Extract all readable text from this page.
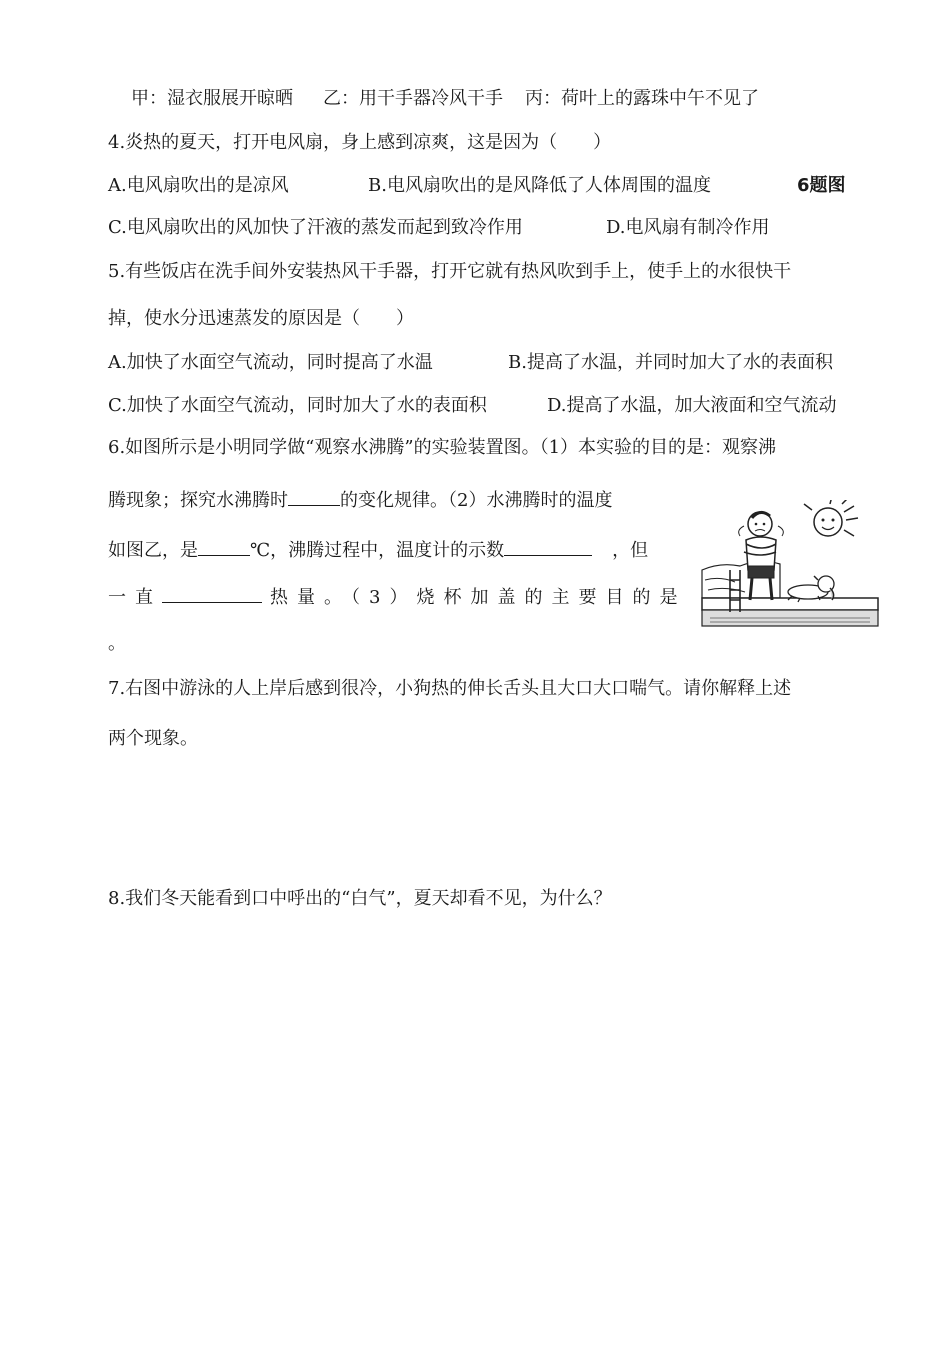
甲：湿衣服展开晾晒 乙：用干手器冷风干手 丙：荷叶上的露珠中午不见了
4.炎热的夏天，打开电风扇，身上感到凉爽，这是因为（　　）
A.电风扇吹出的是凉风	B.电风扇吹出的是风降低了人体周围的温度	6题图
C.电风扇吹出的风加快了汗液的蒸发而起到致冷作用	D.电风扇有制冷作用
5.有些饭店在洗手间外安装热风干手器，打开它就有热风吹到手上，使手上的水很快干
掉，使水分迅速蒸发的原因是（　　）
A.加快了水面空气流动，同时提高了水温	B.提高了水温，并同时加大了水的表面积
C.加快了水面空气流动，同时加大了水的表面积	D.提高了水温，加大液面和空气流动
6.如图所示是小明同学做“观察水沸腾”的实验装置图。（1）本实验的目的是：观察沸
腾现象；探究水沸腾时	的变化规律。（2）水沸腾时的温度
如图乙，是	℃，沸腾过程中，温度计的示数	，但
一直	热量。（3）烧杯加盖的主要目的是
。
7.右图中游泳的人上岸后感到很冷，小狗热的伸长舌头且大口大口喘气。请你解释上述
两个现象。
8.我们冬天能看到口中呼出的“白气”，夏天却看不见，为什么？
